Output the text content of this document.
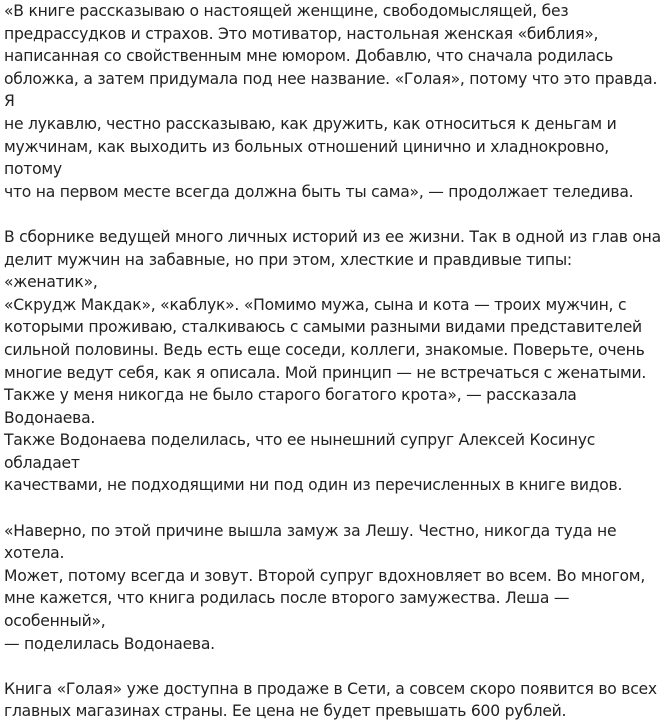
«В книге рассказываю о настоящей женщине, свободомыслящей, без
предрассудков и страхов. Это мотиватор, настольная женская «библия»,
написанная со свойственным мне юмором. Добавлю, что сначала родилась
обложка, а затем придумала под нее название. «Голая», потому что это правда. Я
не лукавлю, честно рассказываю, как дружить, как относиться к деньгам и
мужчинам, как выходить из больных отношений цинично и хладнокровно, потому
что на первом месте всегда должна быть ты сама», — продолжает теледива.

В сборнике ведущей много личных историй из ее жизни. Так в одной из глав она
делит мужчин на забавные, но при этом, хлесткие и правдивые типы: «женатик»,
«Скрудж Макдак», «каблук». «Помимо мужа, сына и кота — троих мужчин, с
которыми проживаю, сталкиваюсь с самыми разными видами представителей
сильной половины. Ведь есть еще соседи, коллеги, знакомые. Поверьте, очень
многие ведут себя, как я описала. Мой принцип — не встречаться с женатыми.
Также у меня никогда не было старого богатого крота», — рассказала Водонаева.
Также Водонаева поделилась, что ее нынешний супруг Алексей Косинус обладает
качествами, не подходящими ни под один из перечисленных в книге видов.

«Наверно, по этой причине вышла замуж за Лешу. Честно, никогда туда не хотела.
Может, потому всегда и зовут. Второй супруг вдохновляет во всем. Во многом,
мне кажется, что книга родилась после второго замужества. Леша — особенный»,
— поделилась Водонаева.

Книга «Голая» уже доступна в продаже в Сети, а совсем скоро появится во всех
главных магазинах страны. Ее цена не будет превышать 600 рублей.
